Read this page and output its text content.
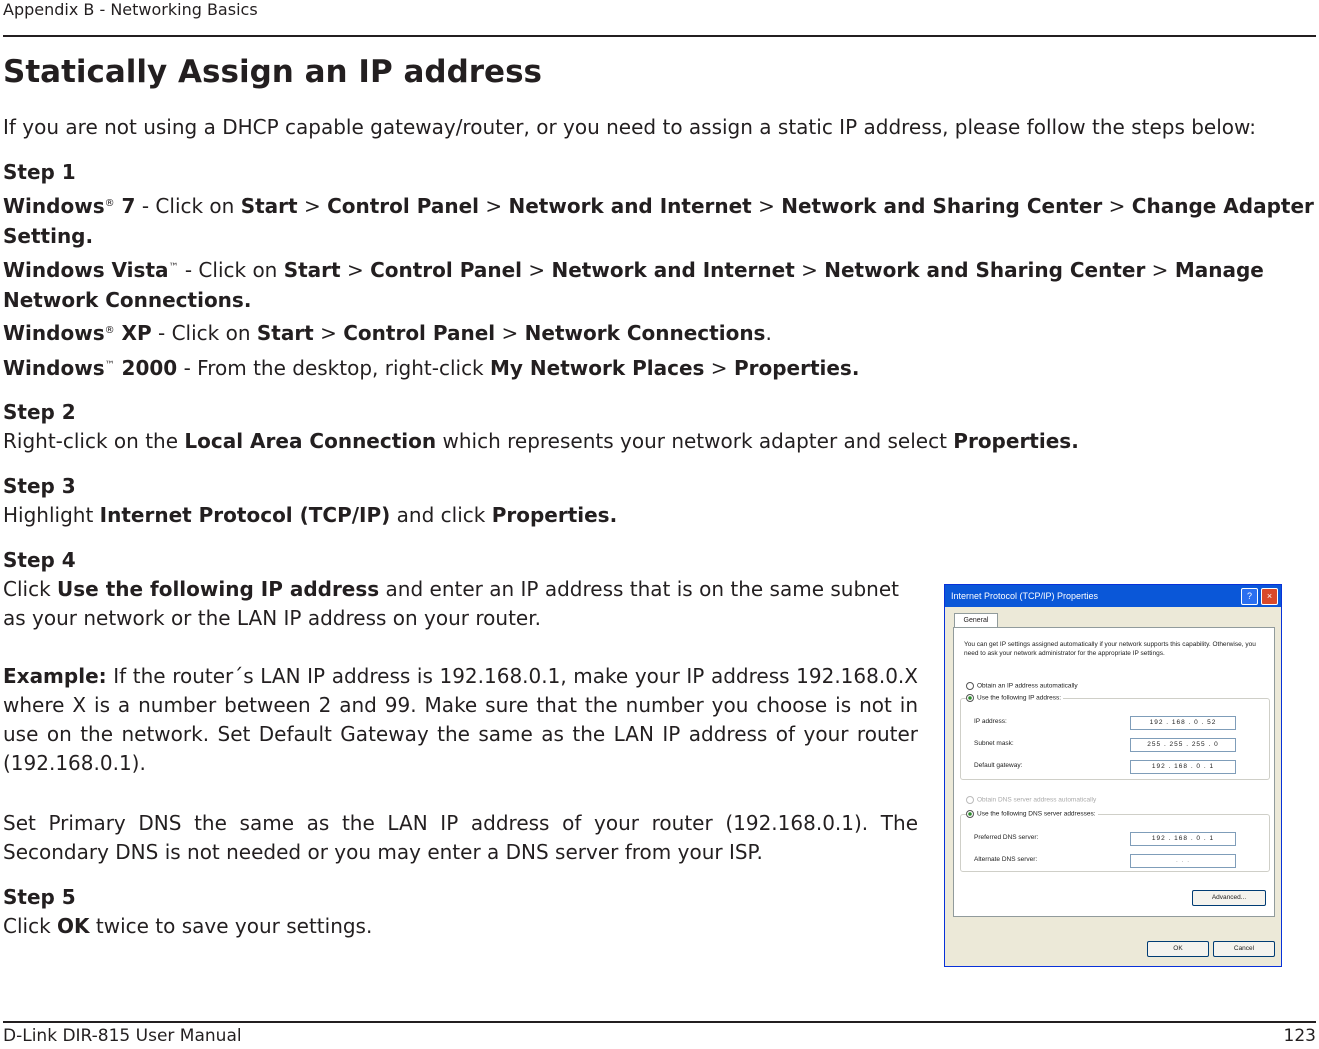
Appendix B - Networking Basics
Statically Assign an IP address
If you are not using a DHCP capable gateway/router, or you need to assign a static IP address, please follow the steps below:
Step 1
Windows® 7 - Click on Start > Control Panel > Network and Internet > Network and Sharing Center > Change Adapter Setting.
Windows Vista™ - Click on Start > Control Panel > Network and Internet > Network and Sharing Center > Manage Network Connections.
Windows® XP - Click on Start > Control Panel > Network Connections.
Windows™ 2000 - From the desktop, right-click My Network Places > Properties.
Step 2
Right-click on the Local Area Connection which represents your network adapter and select Properties.
Step 3
Highlight Internet Protocol (TCP/IP) and click Properties.
Step 4
Click Use the following IP address and enter an IP address that is on the same subnet as your network or the LAN IP address on your router.
Example: If the router´s LAN IP address is 192.168.0.1, make your IP address 192.168.0.X where X is a number between 2 and 99. Make sure that the number you choose is not in use on the network. Set Default Gateway the same as the LAN IP address of your router (192.168.0.1).
Set Primary DNS the same as the LAN IP address of your router (192.168.0.1). The Secondary DNS is not needed or you may enter a DNS server from your ISP.
Step 5
Click OK twice to save your settings.
Internet Protocol (TCP/IP) Properties	?	×
General
You can get IP settings assigned automatically if your network supports this capability. Otherwise, you need to ask your network administrator for the appropriate IP settings.
Obtain an IP address automatically
Use the following IP address:
IP address:	192 . 168 . 0 . 52
Subnet mask:	255 . 255 . 255 . 0
Default gateway:	192 . 168 . 0 . 1
Obtain DNS server address automatically
Use the following DNS server addresses:
Preferred DNS server:	192 . 168 . 0 . 1
Alternate DNS server:	. . .
Advanced...
OK	Cancel
D-Link DIR-815 User Manual	123
